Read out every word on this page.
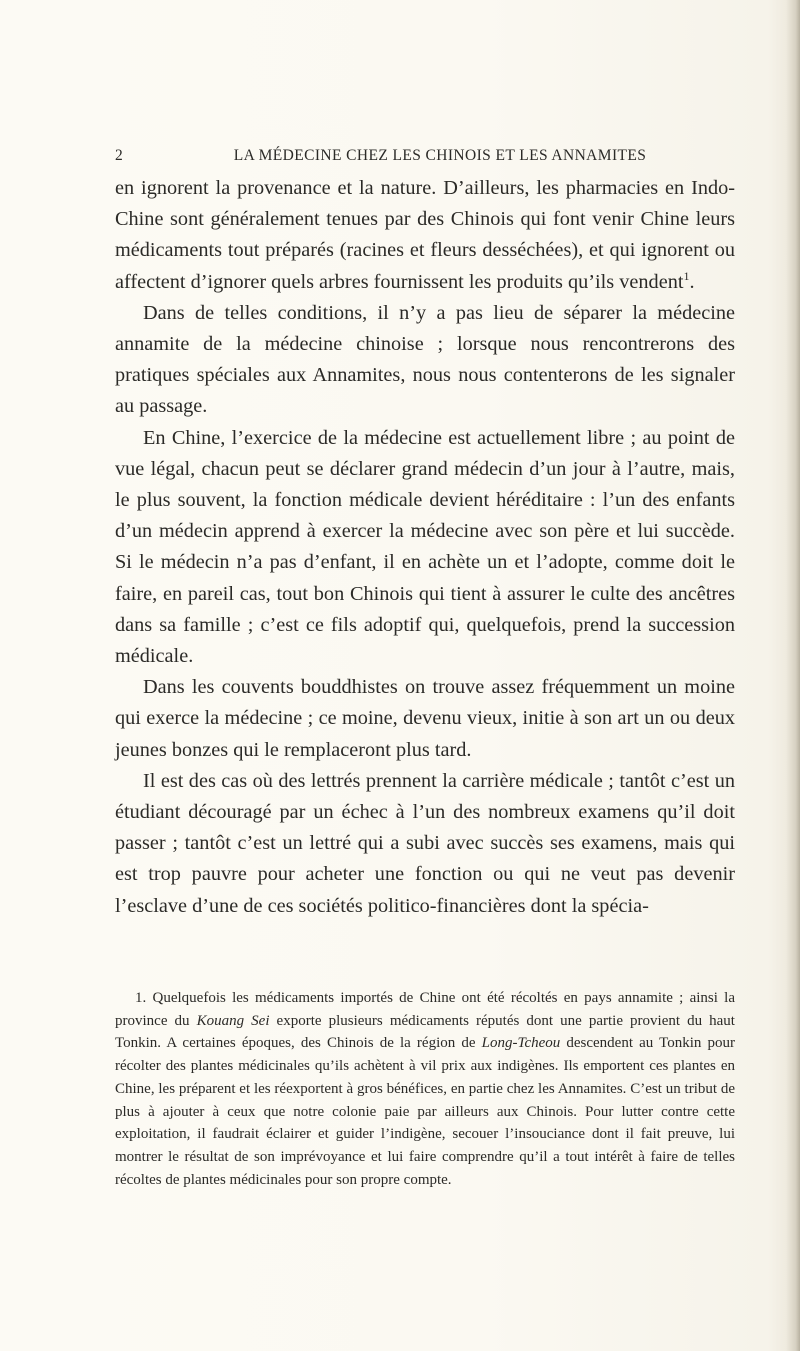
2	LA MÉDECINE CHEZ LES CHINOIS ET LES ANNAMITES

en ignorent la provenance et la nature. D’ailleurs, les pharmacies en Indo-Chine sont généralement tenues par des Chinois qui font venir Chine leurs médicaments tout préparés (racines et fleurs desséchées), et qui ignorent ou affectent d’ignorer quels arbres fournissent les produits qu’ils vendent$^1$.

Dans de telles conditions, il n’y a pas lieu de séparer la médecine annamite de la médecine chinoise ; lorsque nous rencontrerons des pratiques spéciales aux Annamites, nous nous contenterons de les signaler au passage.

En Chine, l’exercice de la médecine est actuellement libre ; au point de vue légal, chacun peut se déclarer grand médecin d’un jour à l’autre, mais, le plus souvent, la fonction médicale devient héréditaire : l’un des enfants d’un médecin apprend à exercer la médecine avec son père et lui succède. Si le médecin n’a pas d’enfant, il en achète un et l’adopte, comme doit le faire, en pareil cas, tout bon Chinois qui tient à assurer le culte des ancêtres dans sa famille ; c’est ce fils adoptif qui, quelquefois, prend la succession médicale.

Dans les couvents bouddhistes on trouve assez fréquemment un moine qui exerce la médecine ; ce moine, devenu vieux, initie à son art un ou deux jeunes bonzes qui le remplaceront plus tard.

Il est des cas où des lettrés prennent la carrière médicale ; tantôt c’est un étudiant découragé par un échec à l’un des nombreux examens qu’il doit passer ; tantôt c’est un lettré qui a subi avec succès ses examens, mais qui est trop pauvre pour acheter une fonction ou qui ne veut pas devenir l’esclave d’une de ces sociétés politico-financières dont la spécia-

1. Quelquefois les médicaments importés de Chine ont été récoltés en pays annamite ; ainsi la province du Kouang Sei exporte plusieurs médicaments réputés dont une partie provient du haut Tonkin. A certaines époques, des Chinois de la région de Long-Tcheou descendent au Tonkin pour récolter des plantes médicinales qu’ils achètent à vil prix aux indigènes. Ils emportent ces plantes en Chine, les préparent et les réexportent à gros bénéfices, en partie chez les Annamites. C’est un tribut de plus à ajouter à ceux que notre colonie paie par ailleurs aux Chinois. Pour lutter contre cette exploitation, il faudrait éclairer et guider l’indigène, secouer l’insouciance dont il fait preuve, lui montrer le résultat de son imprévoyance et lui faire comprendre qu’il a tout intérêt à faire de telles récoltes de plantes médicinales pour son propre compte.
